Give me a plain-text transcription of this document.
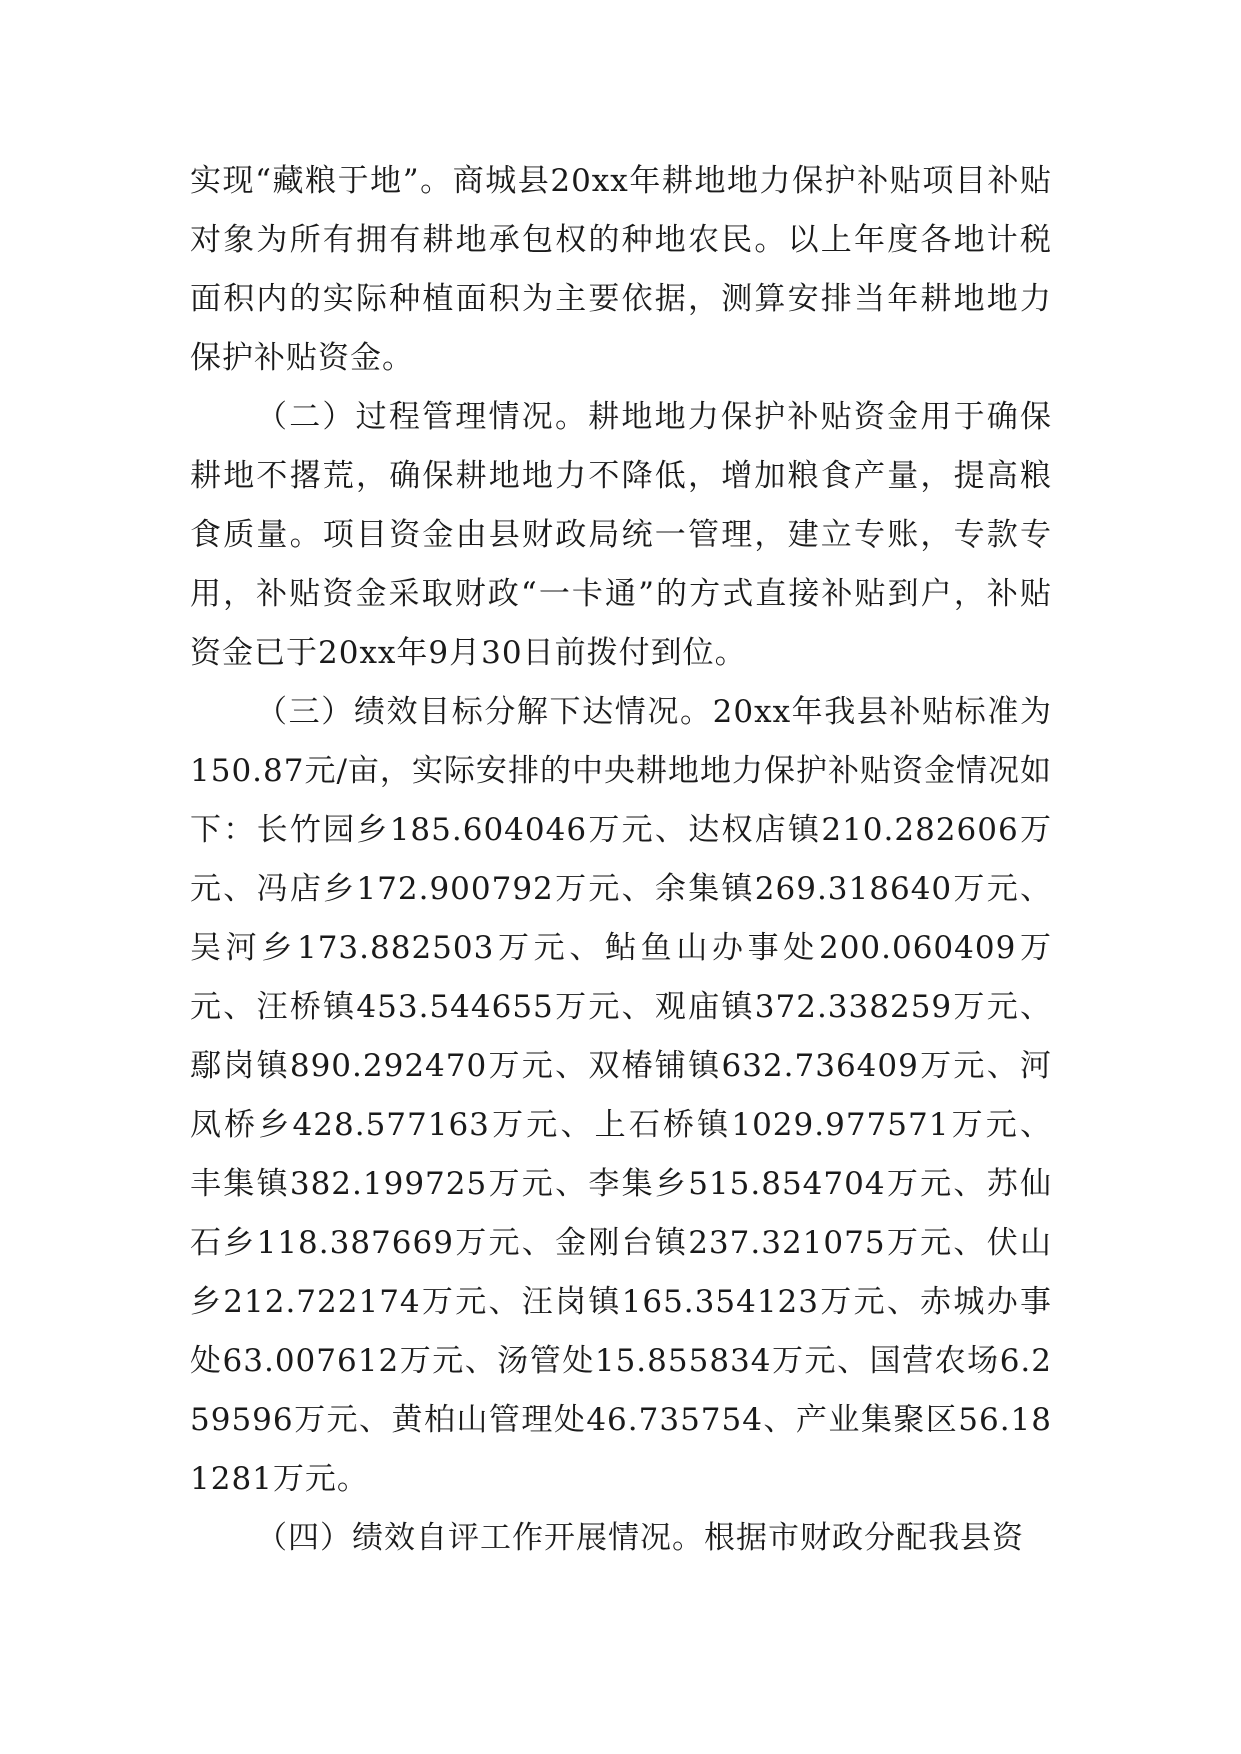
实现“藏粮于地”。商城县20xx年耕地地力保护补贴项目补贴对象为所有拥有耕地承包权的种地农民。以上年度各地计税面积内的实际种植面积为主要依据，测算安排当年耕地地力保护补贴资金。

（二）过程管理情况。耕地地力保护补贴资金用于确保耕地不撂荒，确保耕地地力不降低，增加粮食产量，提高粮食质量。项目资金由县财政局统一管理，建立专账，专款专用，补贴资金采取财政“一卡通”的方式直接补贴到户，补贴资金已于20xx年9月30日前拨付到位。

（三）绩效目标分解下达情况。20xx年我县补贴标准为150.87元/亩，实际安排的中央耕地地力保护补贴资金情况如下：长竹园乡185.604046万元、达权店镇210.282606万元、冯店乡172.900792万元、余集镇269.318640万元、吴河乡173.882503万元、鲇鱼山办事处200.060409万元、汪桥镇453.544655万元、观庙镇372.338259万元、鄢岗镇890.292470万元、双椿铺镇632.736409万元、河凤桥乡428.577163万元、上石桥镇1029.977571万元、丰集镇382.199725万元、李集乡515.854704万元、苏仙石乡118.387669万元、金刚台镇237.321075万元、伏山乡212.722174万元、汪岗镇165.354123万元、赤城办事处63.007612万元、汤管处15.855834万元、国营农场6.259596万元、黄柏山管理处46.735754、产业集聚区56.181281万元。

（四）绩效自评工作开展情况。根据市财政分配我县资
